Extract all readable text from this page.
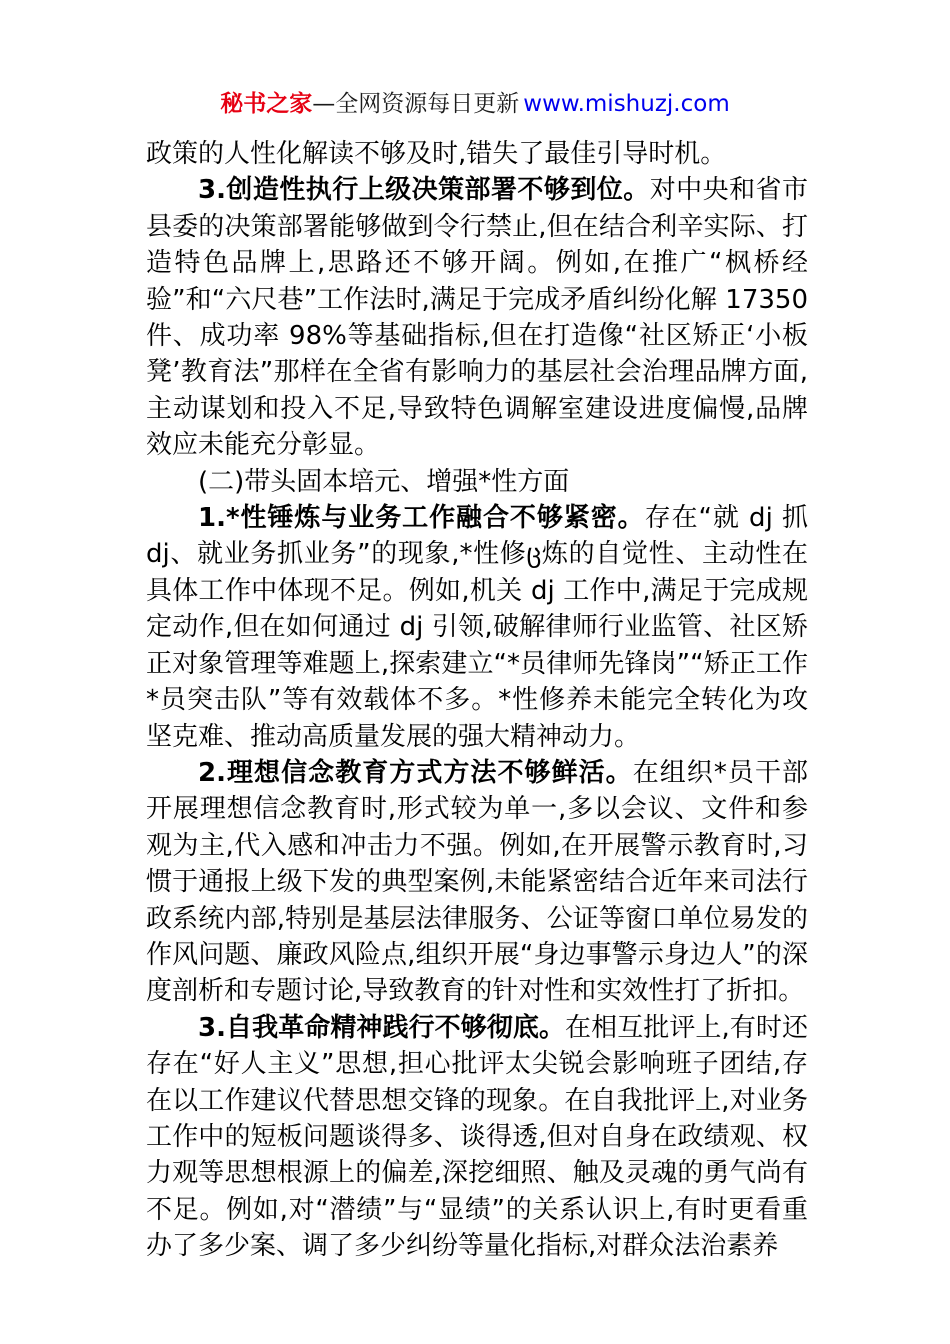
秘书之家—全网资源每日更新 www.mishuzj.com

政策的人性化解读不够及时,错失了最佳引导时机。

3.创造性执行上级决策部署不够到位。对中央和省市县委的决策部署能够做到令行禁止,但在结合利辛实际、打造特色品牌上,思路还不够开阔。例如,在推广“枫桥经验”和“六尺巷”工作法时,满足于完成矛盾纠纷化解 17350 件、成功率 98%等基础指标,但在打造像“社区矫正‘小板凳’教育法”那样在全省有影响力的基层社会治理品牌方面,主动谋划和投入不足,导致特色调解室建设进度偏慢,品牌效应未能充分彰显。

(二)带头固本培元、增强*性方面

1.*性锤炼与业务工作融合不够紧密。存在“就 dj 抓 dj、就业务抓业务”的现象,*性修ც炼的自觉性、主动性在具体工作中体现不足。例如,机关 dj 工作中,满足于完成规定动作,但在如何通过 dj 引领,破解律师行业监管、社区矫正对象管理等难题上,探索建立“*员律师先锋岗”“矫正工作*员突击队”等有效载体不多。*性修养未能完全转化为攻坚克难、推动高质量发展的强大精神动力。

2.理想信念教育方式方法不够鲜活。在组织*员干部开展理想信念教育时,形式较为单一,多以会议、文件和参观为主,代入感和冲击力不强。例如,在开展警示教育时,习惯于通报上级下发的典型案例,未能紧密结合近年来司法行政系统内部,特别是基层法律服务、公证等窗口单位易发的作风问题、廉政风险点,组织开展“身边事警示身边人”的深度剖析和专题讨论,导致教育的针对性和实效性打了折扣。

3.自我革命精神践行不够彻底。在相互批评上,有时还存在“好人主义”思想,担心批评太尖锐会影响班子团结,存在以工作建议代替思想交锋的现象。在自我批评上,对业务工作中的短板问题谈得多、谈得透,但对自身在政绩观、权力观等思想根源上的偏差,深挖细照、触及灵魂的勇气尚有不足。例如,对“潜绩”与“显绩”的关系认识上,有时更看重办了多少案、调了多少纠纷等量化指标,对群众法治素养
